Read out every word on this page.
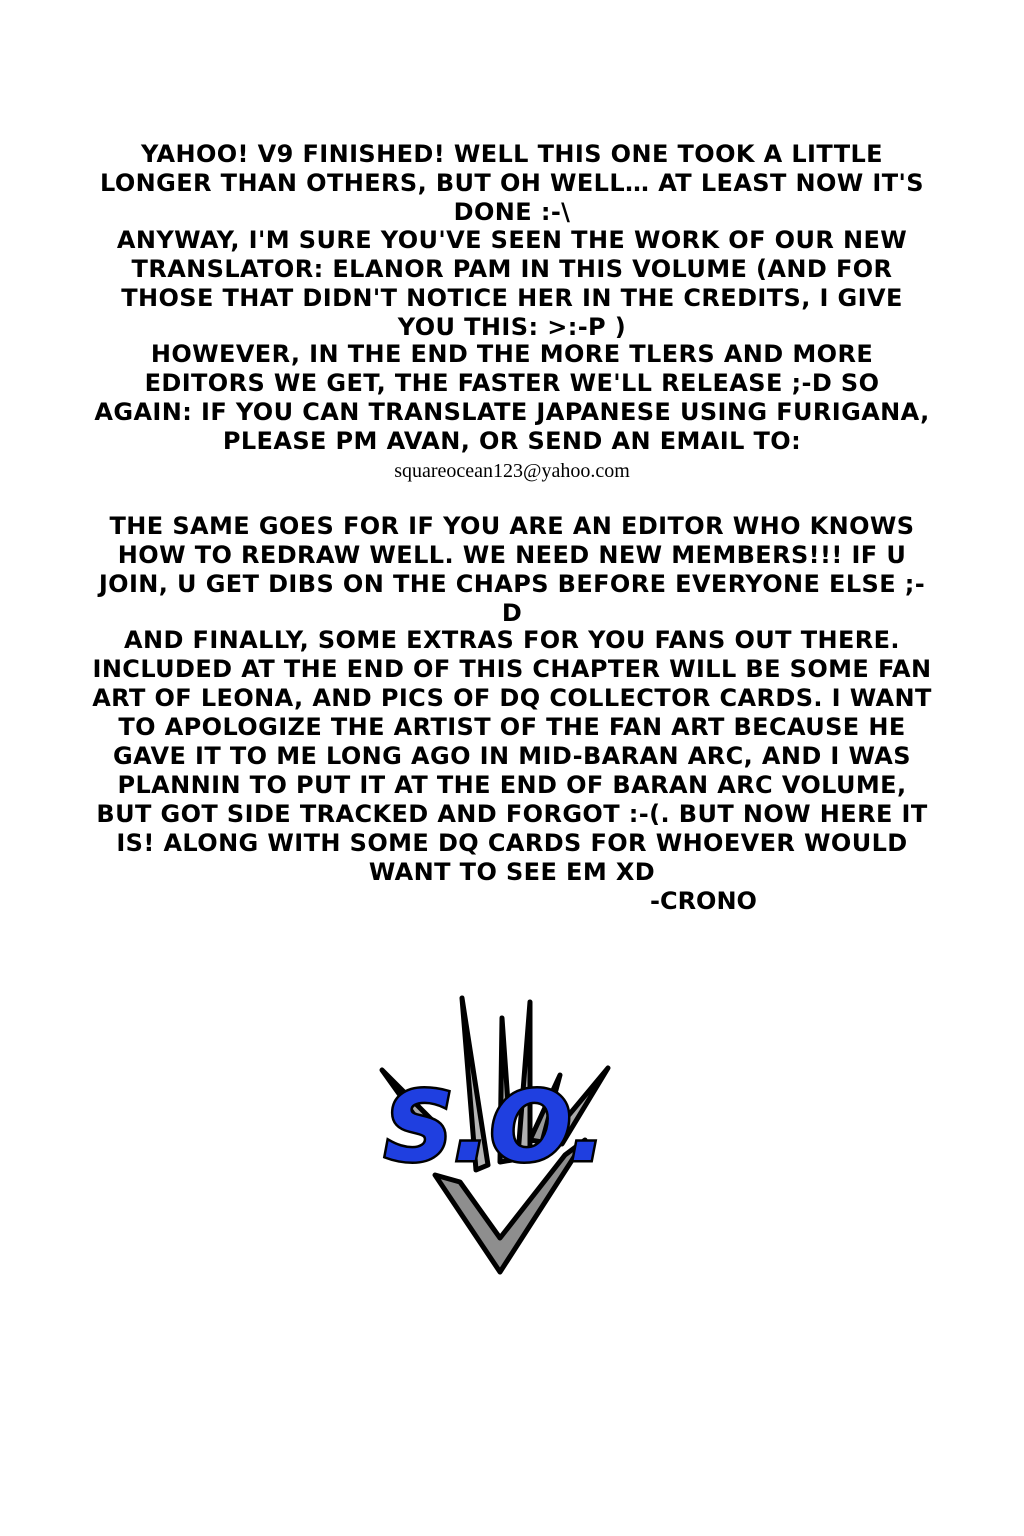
YAHOO! V9 FINISHED! WELL THIS ONE TOOK A LITTLE LONGER THAN OTHERS, BUT OH WELL… AT LEAST NOW IT'S DONE :-\
ANYWAY, I'M SURE YOU'VE SEEN THE WORK OF OUR NEW TRANSLATOR: ELANOR PAM IN THIS VOLUME (AND FOR THOSE THAT DIDN'T NOTICE HER IN THE CREDITS, I GIVE YOU THIS: >:-P )
HOWEVER, IN THE END THE MORE TLERS AND MORE EDITORS WE GET, THE FASTER WE'LL RELEASE ;-D SO AGAIN: IF YOU CAN TRANSLATE JAPANESE USING FURIGANA, PLEASE PM AVAN, OR SEND AN EMAIL TO:
squareocean123@yahoo.com
THE SAME GOES FOR IF YOU ARE AN EDITOR WHO KNOWS HOW TO REDRAW WELL. WE NEED NEW MEMBERS!!! IF U JOIN, U GET DIBS ON THE CHAPS BEFORE EVERYONE ELSE ;-D
AND FINALLY, SOME EXTRAS FOR YOU FANS OUT THERE. INCLUDED AT THE END OF THIS CHAPTER WILL BE SOME FAN ART OF LEONA, AND PICS OF DQ COLLECTOR CARDS. I WANT TO APOLOGIZE THE ARTIST OF THE FAN ART BECAUSE HE GAVE IT TO ME LONG AGO IN MID-BARAN ARC, AND I WAS PLANNIN TO PUT IT AT THE END OF BARAN ARC VOLUME, BUT GOT SIDE TRACKED AND FORGOT :-(. BUT NOW HERE IT IS! ALONG WITH SOME DQ CARDS FOR WHOEVER WOULD WANT TO SEE EM XD
-CRONO
S.O.
